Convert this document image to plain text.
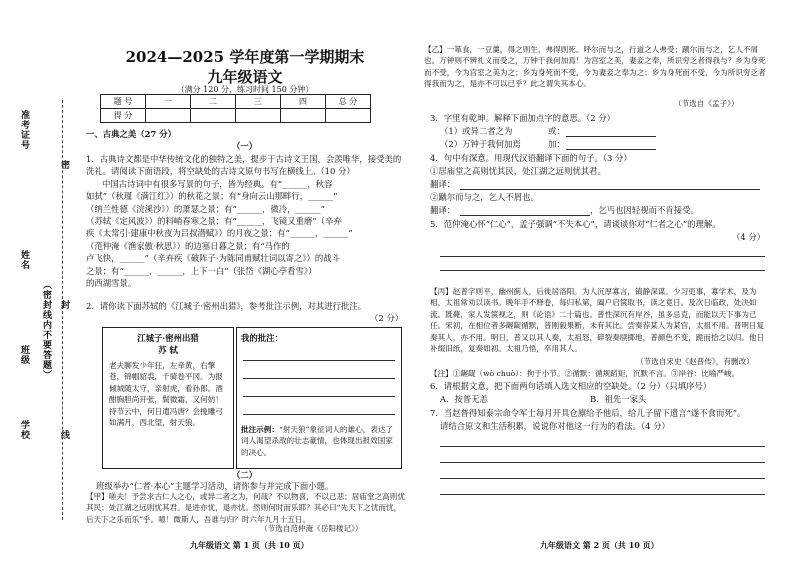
准考证号
姓名
班级
学校
（密封线内不要答题）
密
封
线
2024—2025 学年度第一学期期末
九年级语文
（满分 120 分，练习时间 150 分钟）
题 号	一	二	三	四	总 分
得 分					
一、古典之美（27 分）
（一）
1．古典诗文都是中华传统文化的独特之美，提步于古诗文王国，会羡唯华，接受美的
洗礼。请阅读下面语段，将空缺处的古诗文原句书写在横线上。（10 分）
中国古诗词中有很多写景的句子，皆为经典。有“______，秋容
如拭”（秋瑾《满江红》）的秋花之景；有“身向云山那畔行，______”
（纳兰性德《浣溪沙》）的萧瑟之景；有“______，微冷，______”
（苏轼《定风波》）的料峭春寒之景；有“______，飞镜又重磨”（辛弃
疾《太常引·建康中秋夜为吕叔潜赋》）的月夜之景；有“______，______”
（范仲淹《渔家傲·秋思》）的边塞日暮之景；有“马作的
卢飞快，______”（辛弃疾《破阵子·为陈同甫赋壮词以寄之》）的战斗
之景；有“______，______，上下一白”（张岱《湖心亭看雪》）
的西湖雪景。
2．请你读下面苏轼的《江城子·密州出猎》，参考批注示例，对其进行批注。
（2 分）
江城子·密州出猎
苏 轼
老夫聊发少年狂，左牵黄，右擎苍，锦帽貂裘，千骑卷平冈。为报倾城随太守，亲射虎，看孙郎。酒酣胸胆尚开张，鬓微霜，又何妨！持节云中，何日遣冯唐？会挽雕弓如满月，西北望，射天狼。
我的批注：
批注示例：“射天狼”象征词人的雄心，表达了词人渴望杀敌的壮志豪情，也体现出报效国家的决心。
（二）
班级举办“仁者·本心”主题学习活动，请你参与并完成下面小题。
【甲】嗟夫！予尝求古仁人之心，或异二者之为，何哉？不以物喜，不以己悲；居庙堂之高则忧其民；处江湖之远则忧其君。是进亦忧，退亦忧。然则何时而乐耶？其必曰“先天下之忧而忧，后天下之乐而乐”乎。噫！微斯人，吾谁与归？时六年九月十五日。
（节选自范仲淹《岳阳楼记》）
九年级语文 第 1 页（共 10 页）
【乙】一箪食，一豆羹，得之则生，弗得则死。呼尔而与之，行道之人弗受；蹴尔而与之，乞人不屑也。万钟则不辨礼义而受之，万钟于我何加焉！为宫室之美，妻妾之奉，所识穷乏者得我与？乡为身死而不受，今为宫室之美为之；乡为身死而不受，今为妻妾之奉为之；乡为身死而不受，今为所识穷乏者得我而为之，是亦不可以已乎？此之谓失其本心。
（节选自《孟子》）
3．字里有乾坤。解释下面加点字的意思。（2 分）
（1）或异二者之为	或：
（2）万钟于我何加焉	加：
4．句中有深意。用现代汉语翻译下面的句子。（3 分）
①居庙堂之高则忧其民，处江湖之远则忧其君。
翻译：
②蹴尔而与之，乞人不屑也。
翻译：	，乞丐也因轻视而不肯接受。
5．范仲淹心怀“仁心”，孟子强调“不失本心”，请谈谈你对“仁者之心”的理解。
（4 分）
【丙】赵普字则平，幽州蓟人，后徙居洛阳。为人沉厚寡言，镇静深谋。少习吏事，寡学术，及为相，太祖常劝以读书。晚年手不释卷，每归私第，阖户启箧取书，读之竟日。及次日临政，处决如流。既薨，家人发箧视之，则《论语》二十篇也。普性深沉有岸谷，虽多忌克，而能以天下事为己任。宋初，在相位者多龌龊循默，普刚毅果断，未有其比。尝奏荐某人为某官，太祖不用。普明日复奏其人，亦不用。明日，普又以其人奏，太祖怒，碎裂奏牍掷地，普颜色不变，跪而拾之以归。他日补缀旧纸，复奏如初。太祖乃悟，卒用其人。
（节选自宋史《赵普传》，有删改）
【注】①龌龊（wò chuò）：拘于小节。②循默：循规蹈矩，沉默不言。③岸谷：比喻严峻。
6．请根据文意，把下面两句话填入选文相应的空缺处。（2 分）（只填序号）
A．按普无恙	B．祖先一家头
7．当赵普得知泰宗命令军士每月开具仓廪给予他后，给儿子留下遗言“遂不食而死”。
请结合原文和生活积累，说说你对他这一行为的看法。（4 分）
九年级语文 第 2 页（共 10 页）
